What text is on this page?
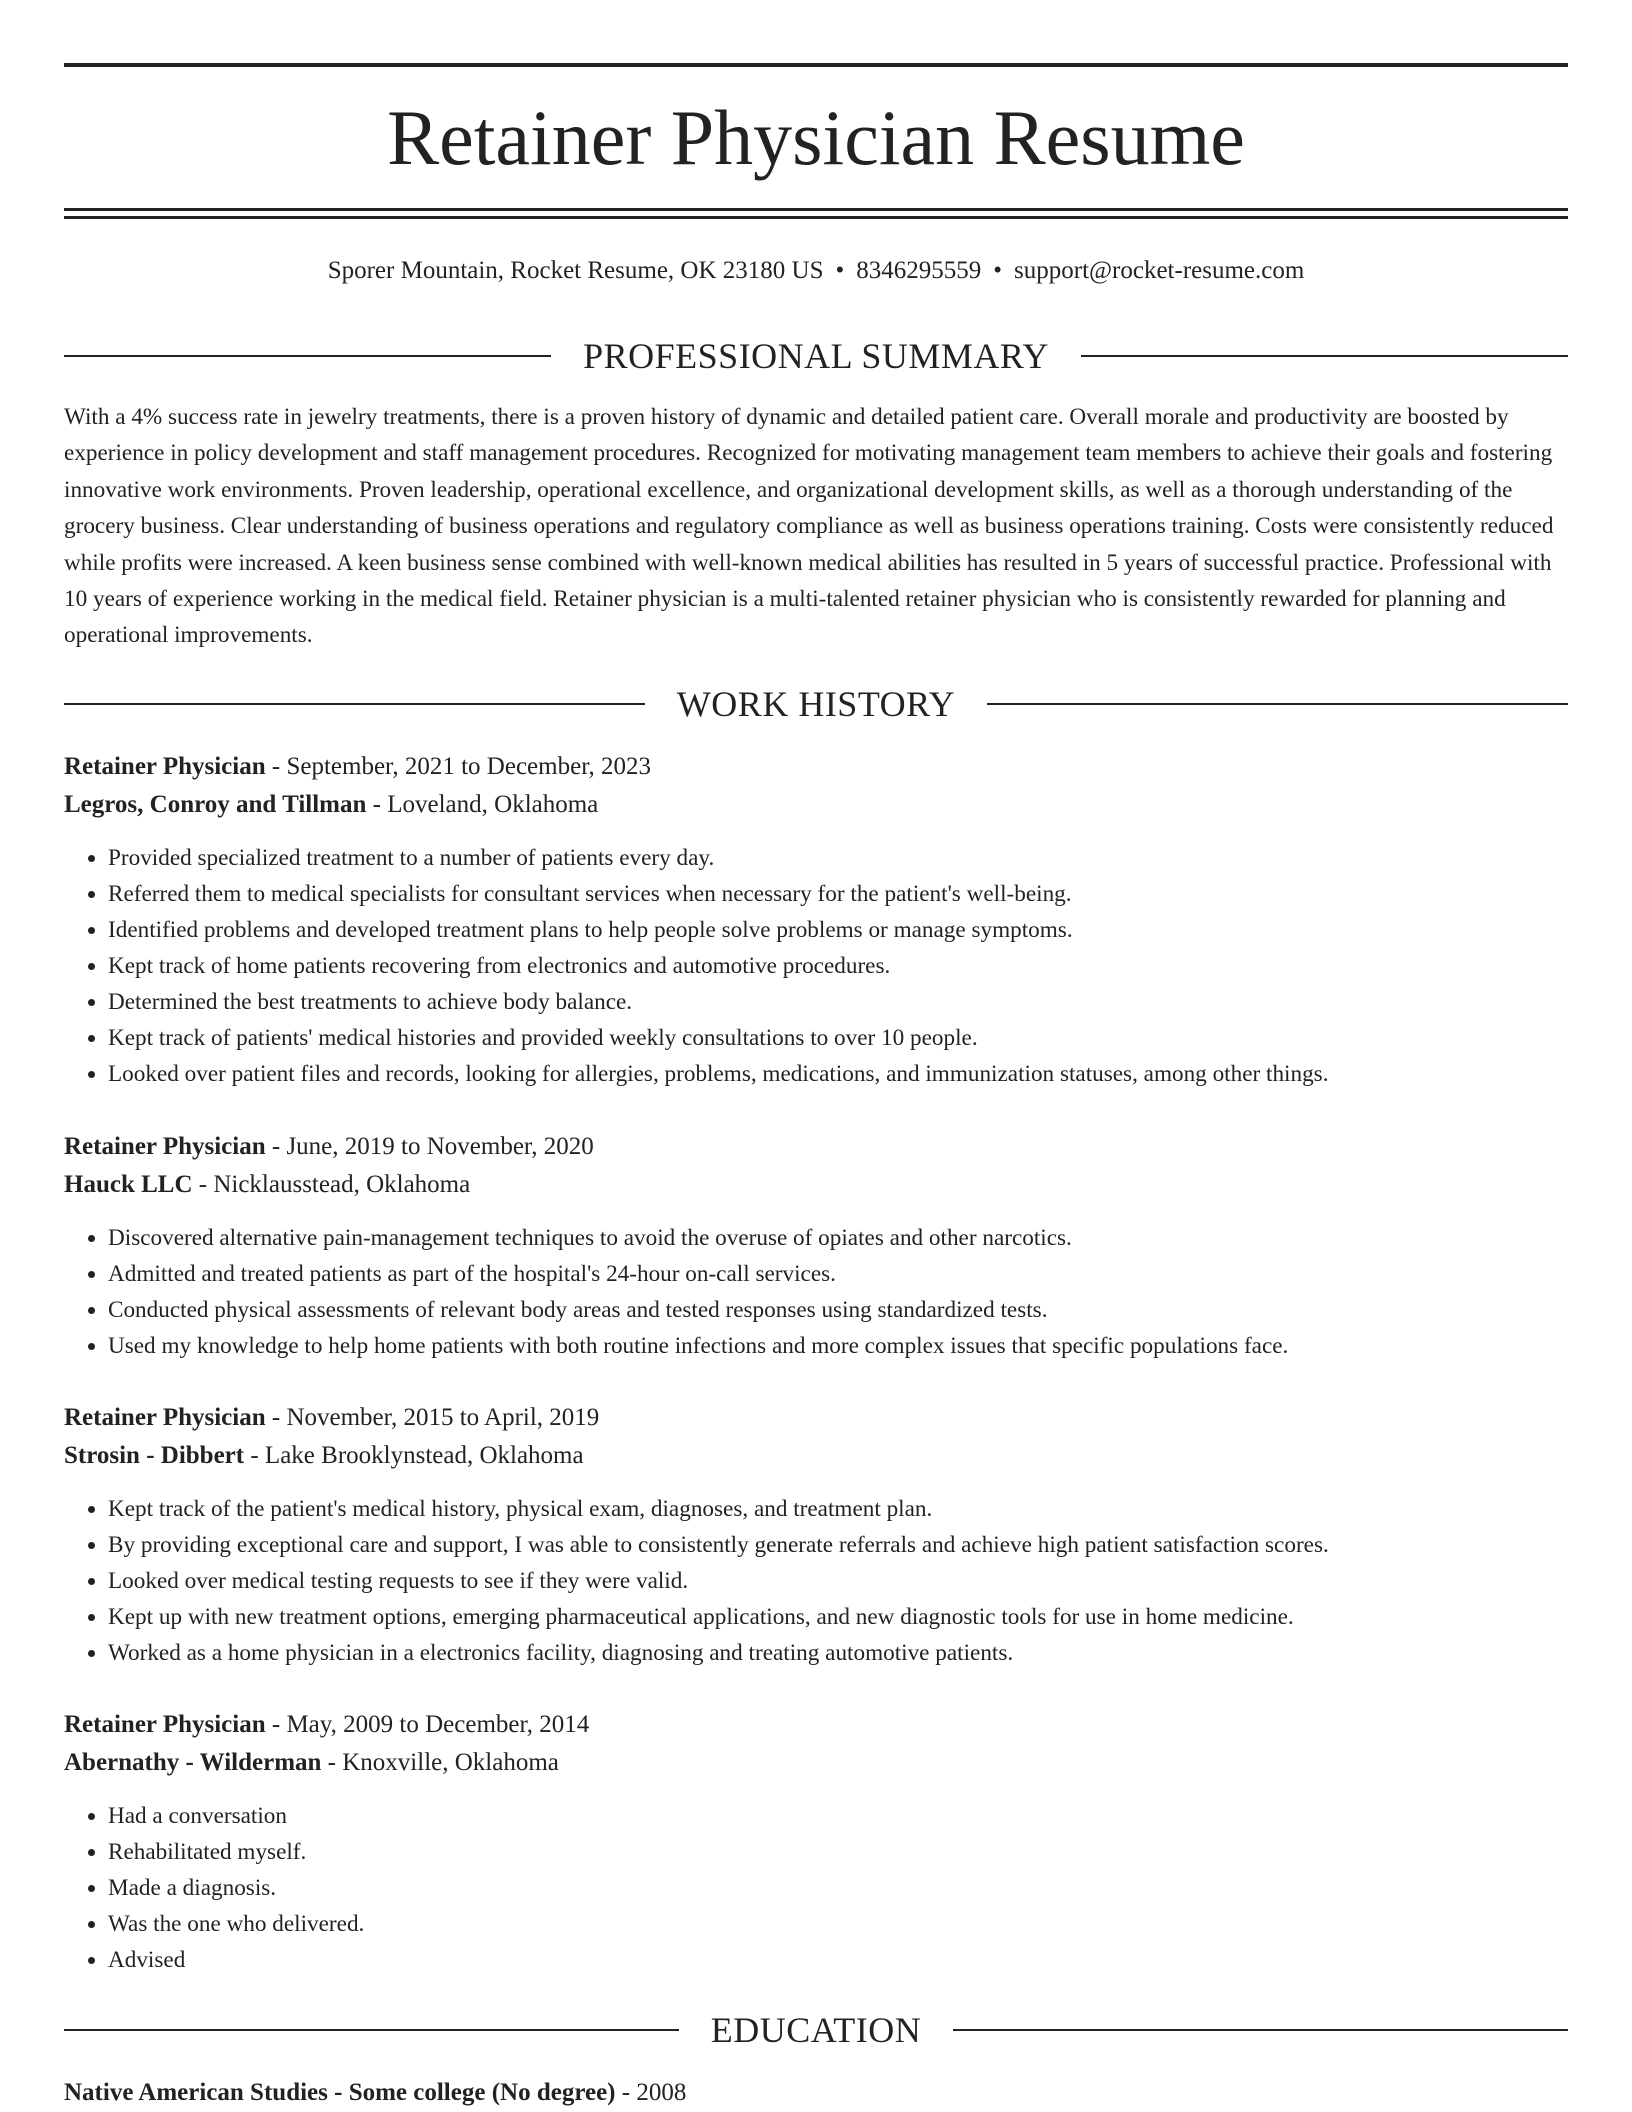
Retainer Physician Resume
Sporer Mountain, Rocket Resume, OK 23180 US • 8346295559 • support@rocket-resume.com
PROFESSIONAL SUMMARY

With a 4% success rate in jewelry treatments, there is a proven history of dynamic and detailed patient care. Overall morale and productivity are boosted by experience in policy development and staff management procedures. Recognized for motivating management team members to achieve their goals and fostering innovative work environments. Proven leadership, operational excellence, and organizational development skills, as well as a thorough understanding of the grocery business. Clear understanding of business operations and regulatory compliance as well as business operations training. Costs were consistently reduced while profits were increased. A keen business sense combined with well-known medical abilities has resulted in 5 years of successful practice. Professional with 10 years of experience working in the medical field. Retainer physician is a multi-talented retainer physician who is consistently rewarded for planning and operational improvements.

WORK HISTORY
Retainer Physician - September, 2021 to December, 2023
Legros, Conroy and Tillman - Loveland, Oklahoma
• Provided specialized treatment to a number of patients every day.
• Referred them to medical specialists for consultant services when necessary for the patient's well-being.
• Identified problems and developed treatment plans to help people solve problems or manage symptoms.
• Kept track of home patients recovering from electronics and automotive procedures.
• Determined the best treatments to achieve body balance.
• Kept track of patients' medical histories and provided weekly consultations to over 10 people.
• Looked over patient files and records, looking for allergies, problems, medications, and immunization statuses, among other things.
Retainer Physician - June, 2019 to November, 2020
Hauck LLC - Nicklausstead, Oklahoma
• Discovered alternative pain-management techniques to avoid the overuse of opiates and other narcotics.
• Admitted and treated patients as part of the hospital's 24-hour on-call services.
• Conducted physical assessments of relevant body areas and tested responses using standardized tests.
• Used my knowledge to help home patients with both routine infections and more complex issues that specific populations face.
Retainer Physician - November, 2015 to April, 2019
Strosin - Dibbert - Lake Brooklynstead, Oklahoma
• Kept track of the patient's medical history, physical exam, diagnoses, and treatment plan.
• By providing exceptional care and support, I was able to consistently generate referrals and achieve high patient satisfaction scores.
• Looked over medical testing requests to see if they were valid.
• Kept up with new treatment options, emerging pharmaceutical applications, and new diagnostic tools for use in home medicine.
• Worked as a home physician in a electronics facility, diagnosing and treating automotive patients.
Retainer Physician - May, 2009 to December, 2014
Abernathy - Wilderman - Knoxville, Oklahoma
• Had a conversation
• Rehabilitated myself.
• Made a diagnosis.
• Was the one who delivered.
• Advised
EDUCATION
Native American Studies - Some college (No degree) - 2008
